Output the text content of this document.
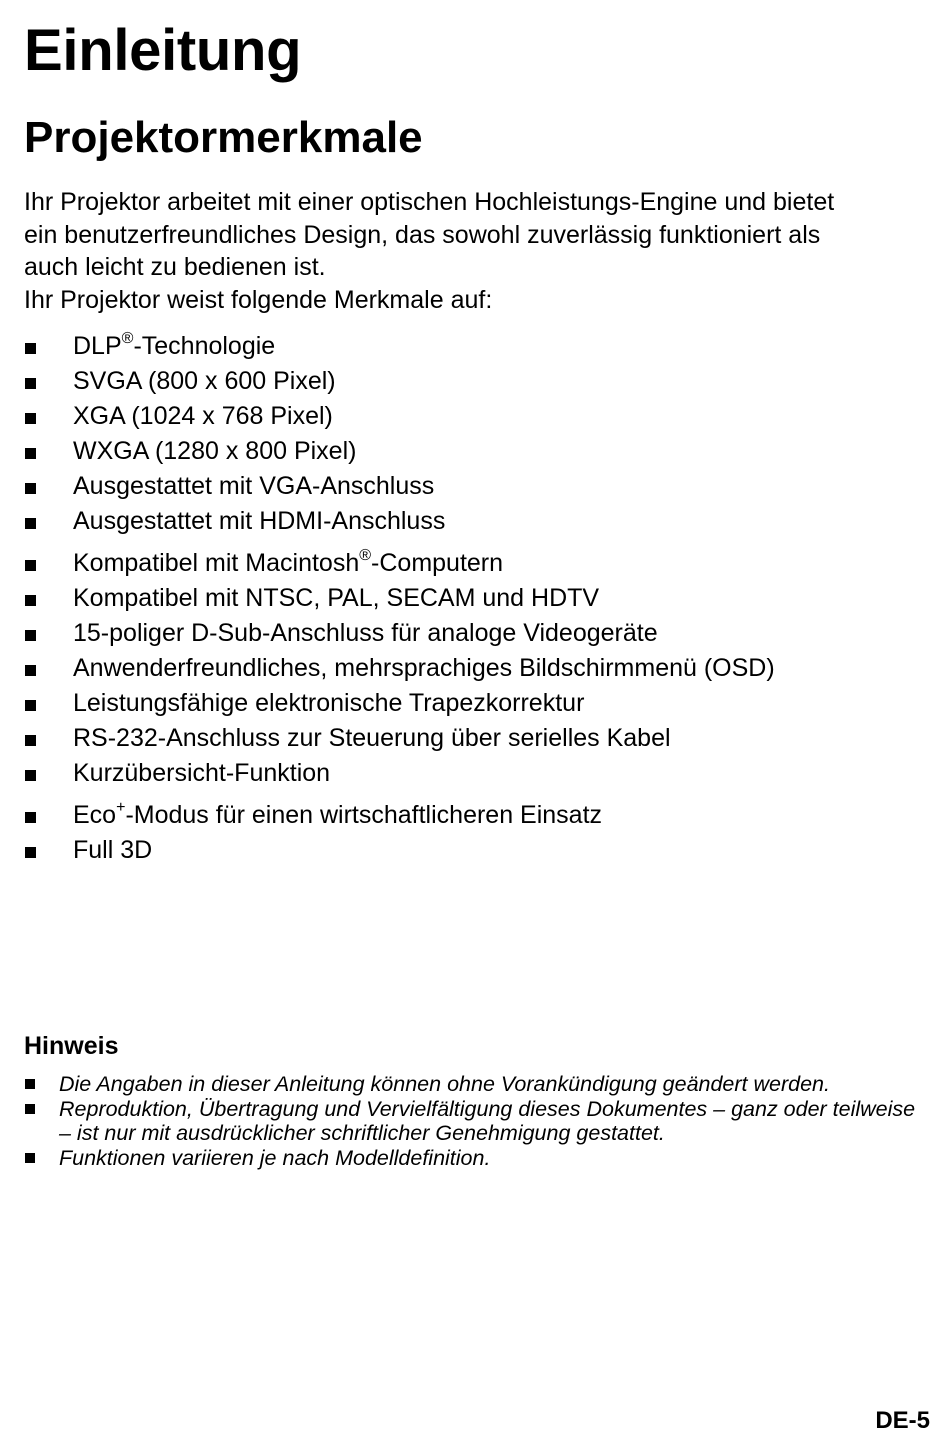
Einleitung
Projektormerkmale

Ihr Projektor arbeitet mit einer optischen Hochleistungs-Engine und bietet

ein benutzerfreundliches Design, das sowohl zuverlässig funktioniert als

auch leicht zu bedienen ist.

Ihr Projektor weist folgende Merkmale auf:

DLP®-Technologie
SVGA (800 x 600 Pixel)
XGA (1024 x 768 Pixel)
WXGA (1280 x 800 Pixel)
Ausgestattet mit VGA-Anschluss
Ausgestattet mit HDMI-Anschluss
Kompatibel mit Macintosh®-Computern
Kompatibel mit NTSC, PAL, SECAM und HDTV
15-poliger D-Sub-Anschluss für analoge Videogeräte
Anwenderfreundliches, mehrsprachiges Bildschirmmenü (OSD)
Leistungsfähige elektronische Trapezkorrektur
RS-232-Anschluss zur Steuerung über serielles Kabel
Kurzübersicht-Funktion
Eco+-Modus für einen wirtschaftlicheren Einsatz
Full 3D
Hinweis
Die Angaben in dieser Anleitung können ohne Vorankündigung geändert werden.
Reproduktion, Übertragung und Vervielfältigung dieses Dokumentes – ganz oder teilweise – ist nur mit ausdrücklicher schriftlicher Genehmigung gestattet.
Funktionen variieren je nach Modelldefinition.
DE-5
